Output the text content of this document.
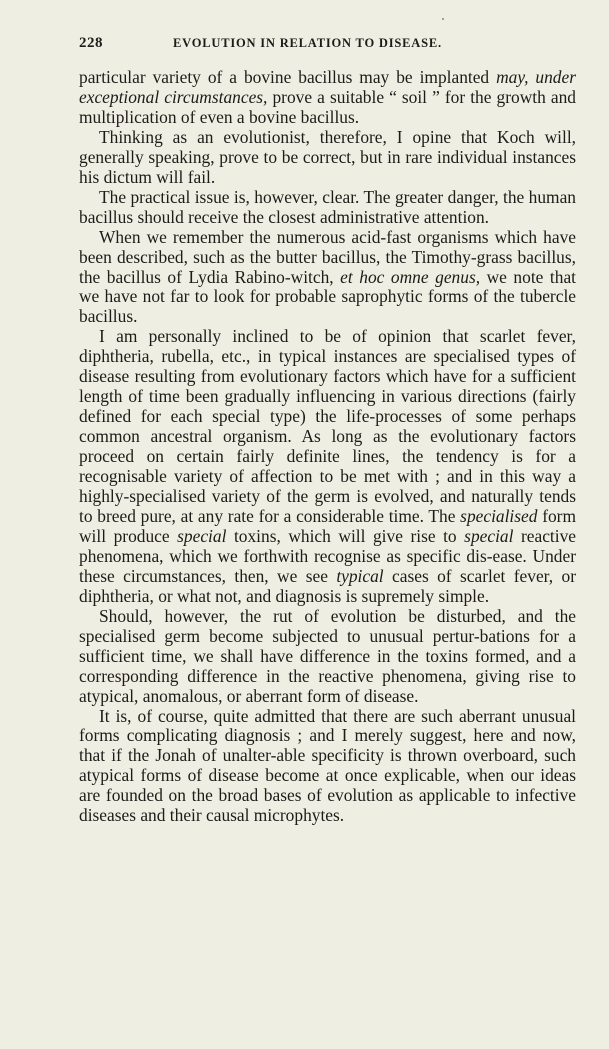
228	EVOLUTION IN RELATION TO DISEASE.

particular variety of a bovine bacillus may be implanted may, under exceptional circumstances, prove a suitable “ soil ” for the growth and multiplication of even a bovine bacillus.

Thinking as an evolutionist, therefore, I opine that Koch will, generally speaking, prove to be correct, but in rare individual instances his dictum will fail.

The practical issue is, however, clear. The greater danger, the human bacillus should receive the closest administrative attention.

When we remember the numerous acid-fast organisms which have been described, such as the butter bacillus, the Timothy-grass bacillus, the bacillus of Lydia Rabino-witch, et hoc omne genus, we note that we have not far to look for probable saprophytic forms of the tubercle bacillus.

I am personally inclined to be of opinion that scarlet fever, diphtheria, rubella, etc., in typical instances are specialised types of disease resulting from evolutionary factors which have for a sufficient length of time been gradually influencing in various directions (fairly defined for each special type) the life-processes of some perhaps common ancestral organism. As long as the evolutionary factors proceed on certain fairly definite lines, the tendency is for a recognisable variety of affection to be met with ; and in this way a highly-specialised variety of the germ is evolved, and naturally tends to breed pure, at any rate for a considerable time. The specialised form will produce special toxins, which will give rise to special reactive phenomena, which we forthwith recognise as specific dis-ease. Under these circumstances, then, we see typical cases of scarlet fever, or diphtheria, or what not, and diagnosis is supremely simple.

Should, however, the rut of evolution be disturbed, and the specialised germ become subjected to unusual pertur-bations for a sufficient time, we shall have difference in the toxins formed, and a corresponding difference in the reactive phenomena, giving rise to atypical, anomalous, or aberrant form of disease.

It is, of course, quite admitted that there are such aberrant unusual forms complicating diagnosis ; and I merely suggest, here and now, that if the Jonah of unalter-able specificity is thrown overboard, such atypical forms of disease become at once explicable, when our ideas are founded on the broad bases of evolution as applicable to infective diseases and their causal microphytes.
